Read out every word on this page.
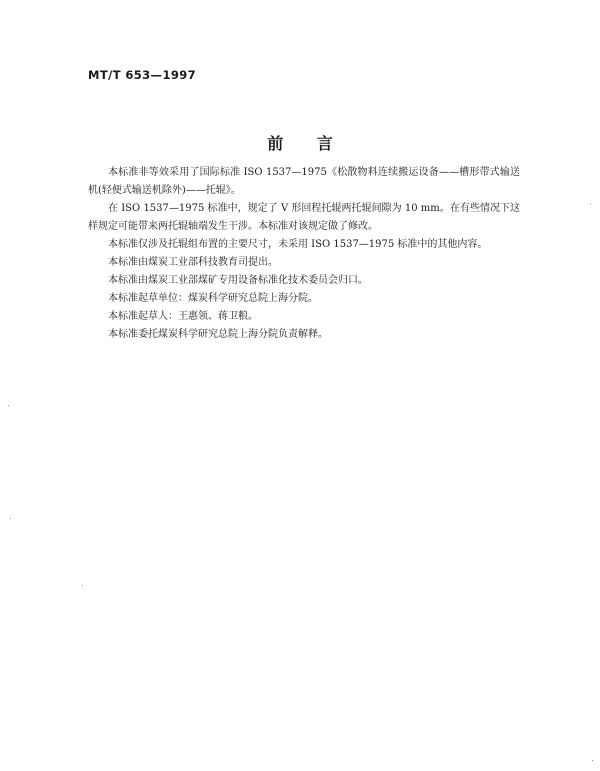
MT/T 653—1997
前 言

本标准非等效采用了国际标准 ISO 1537—1975《松散物料连续搬运设备——槽形带式输送机(轻便式输送机除外)——托辊》。

在 ISO 1537—1975 标准中，规定了 V 形回程托辊两托辊间隙为 10 mm。在有些情况下这样规定可能带来两托辊轴端发生干涉。本标准对该规定做了修改。

本标准仅涉及托辊组布置的主要尺寸，未采用 ISO 1537—1975 标准中的其他内容。

本标准由煤炭工业部科技教育司提出。

本标准由煤炭工业部煤矿专用设备标准化技术委员会归口。

本标准起草单位：煤炭科学研究总院上海分院。

本标准起草人：王惠领、蒋卫粮。

本标准委托煤炭科学研究总院上海分院负责解释。
